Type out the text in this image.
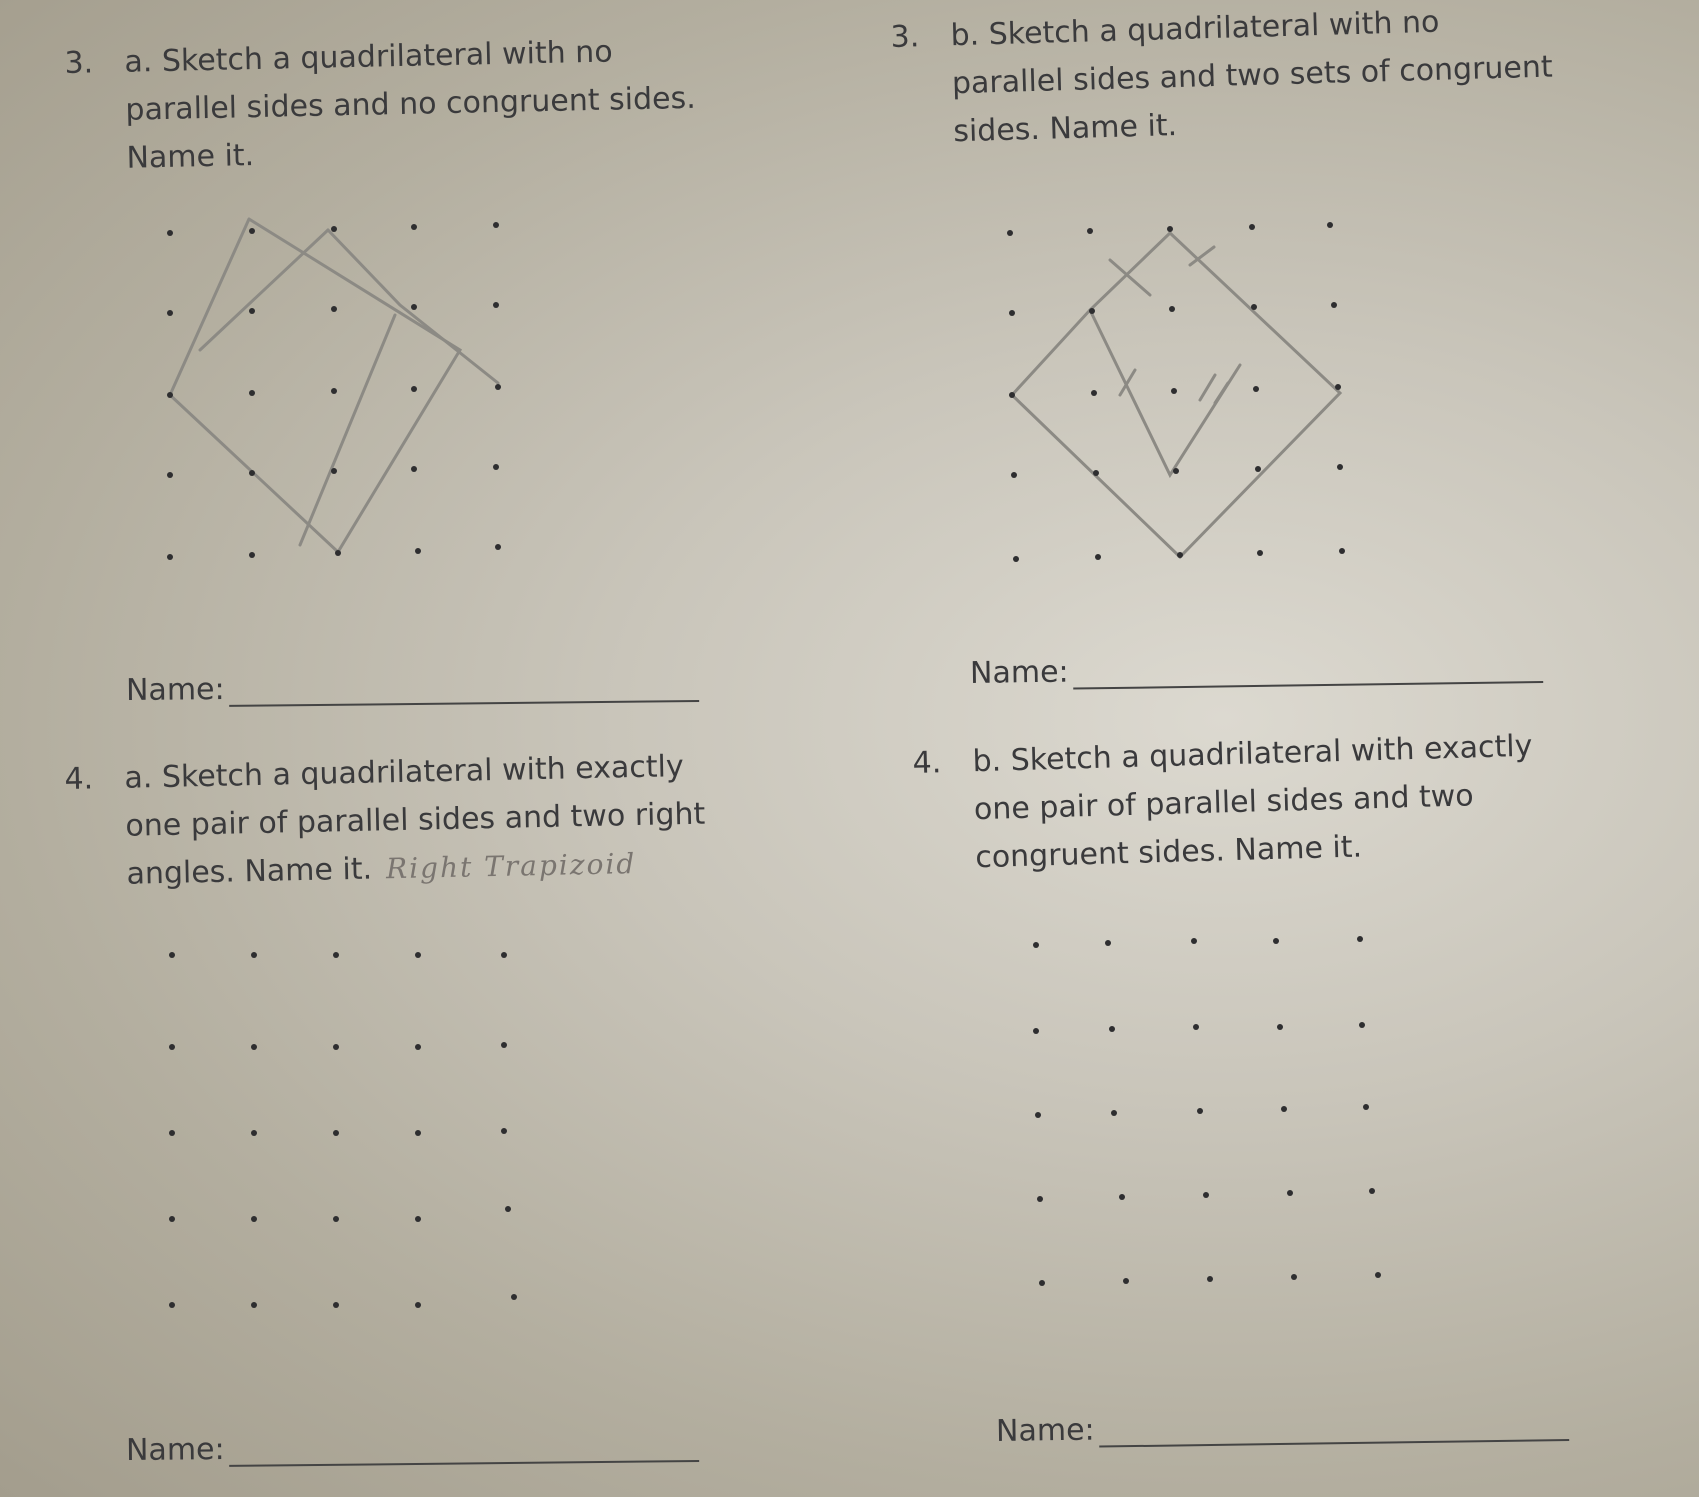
3. a. Sketch a quadrilateral with no
parallel sides and no congruent sides.
Name it.
3. b. Sketch a quadrilateral with no
parallel sides and two sets of congruent
sides. Name it.
Name:	Name:
4. a. Sketch a quadrilateral with exactly
one pair of parallel sides and two right
angles. Name it. Right Trapizoid
4. b. Sketch a quadrilateral with exactly
one pair of parallel sides and two
congruent sides. Name it.
Name:
Name:
